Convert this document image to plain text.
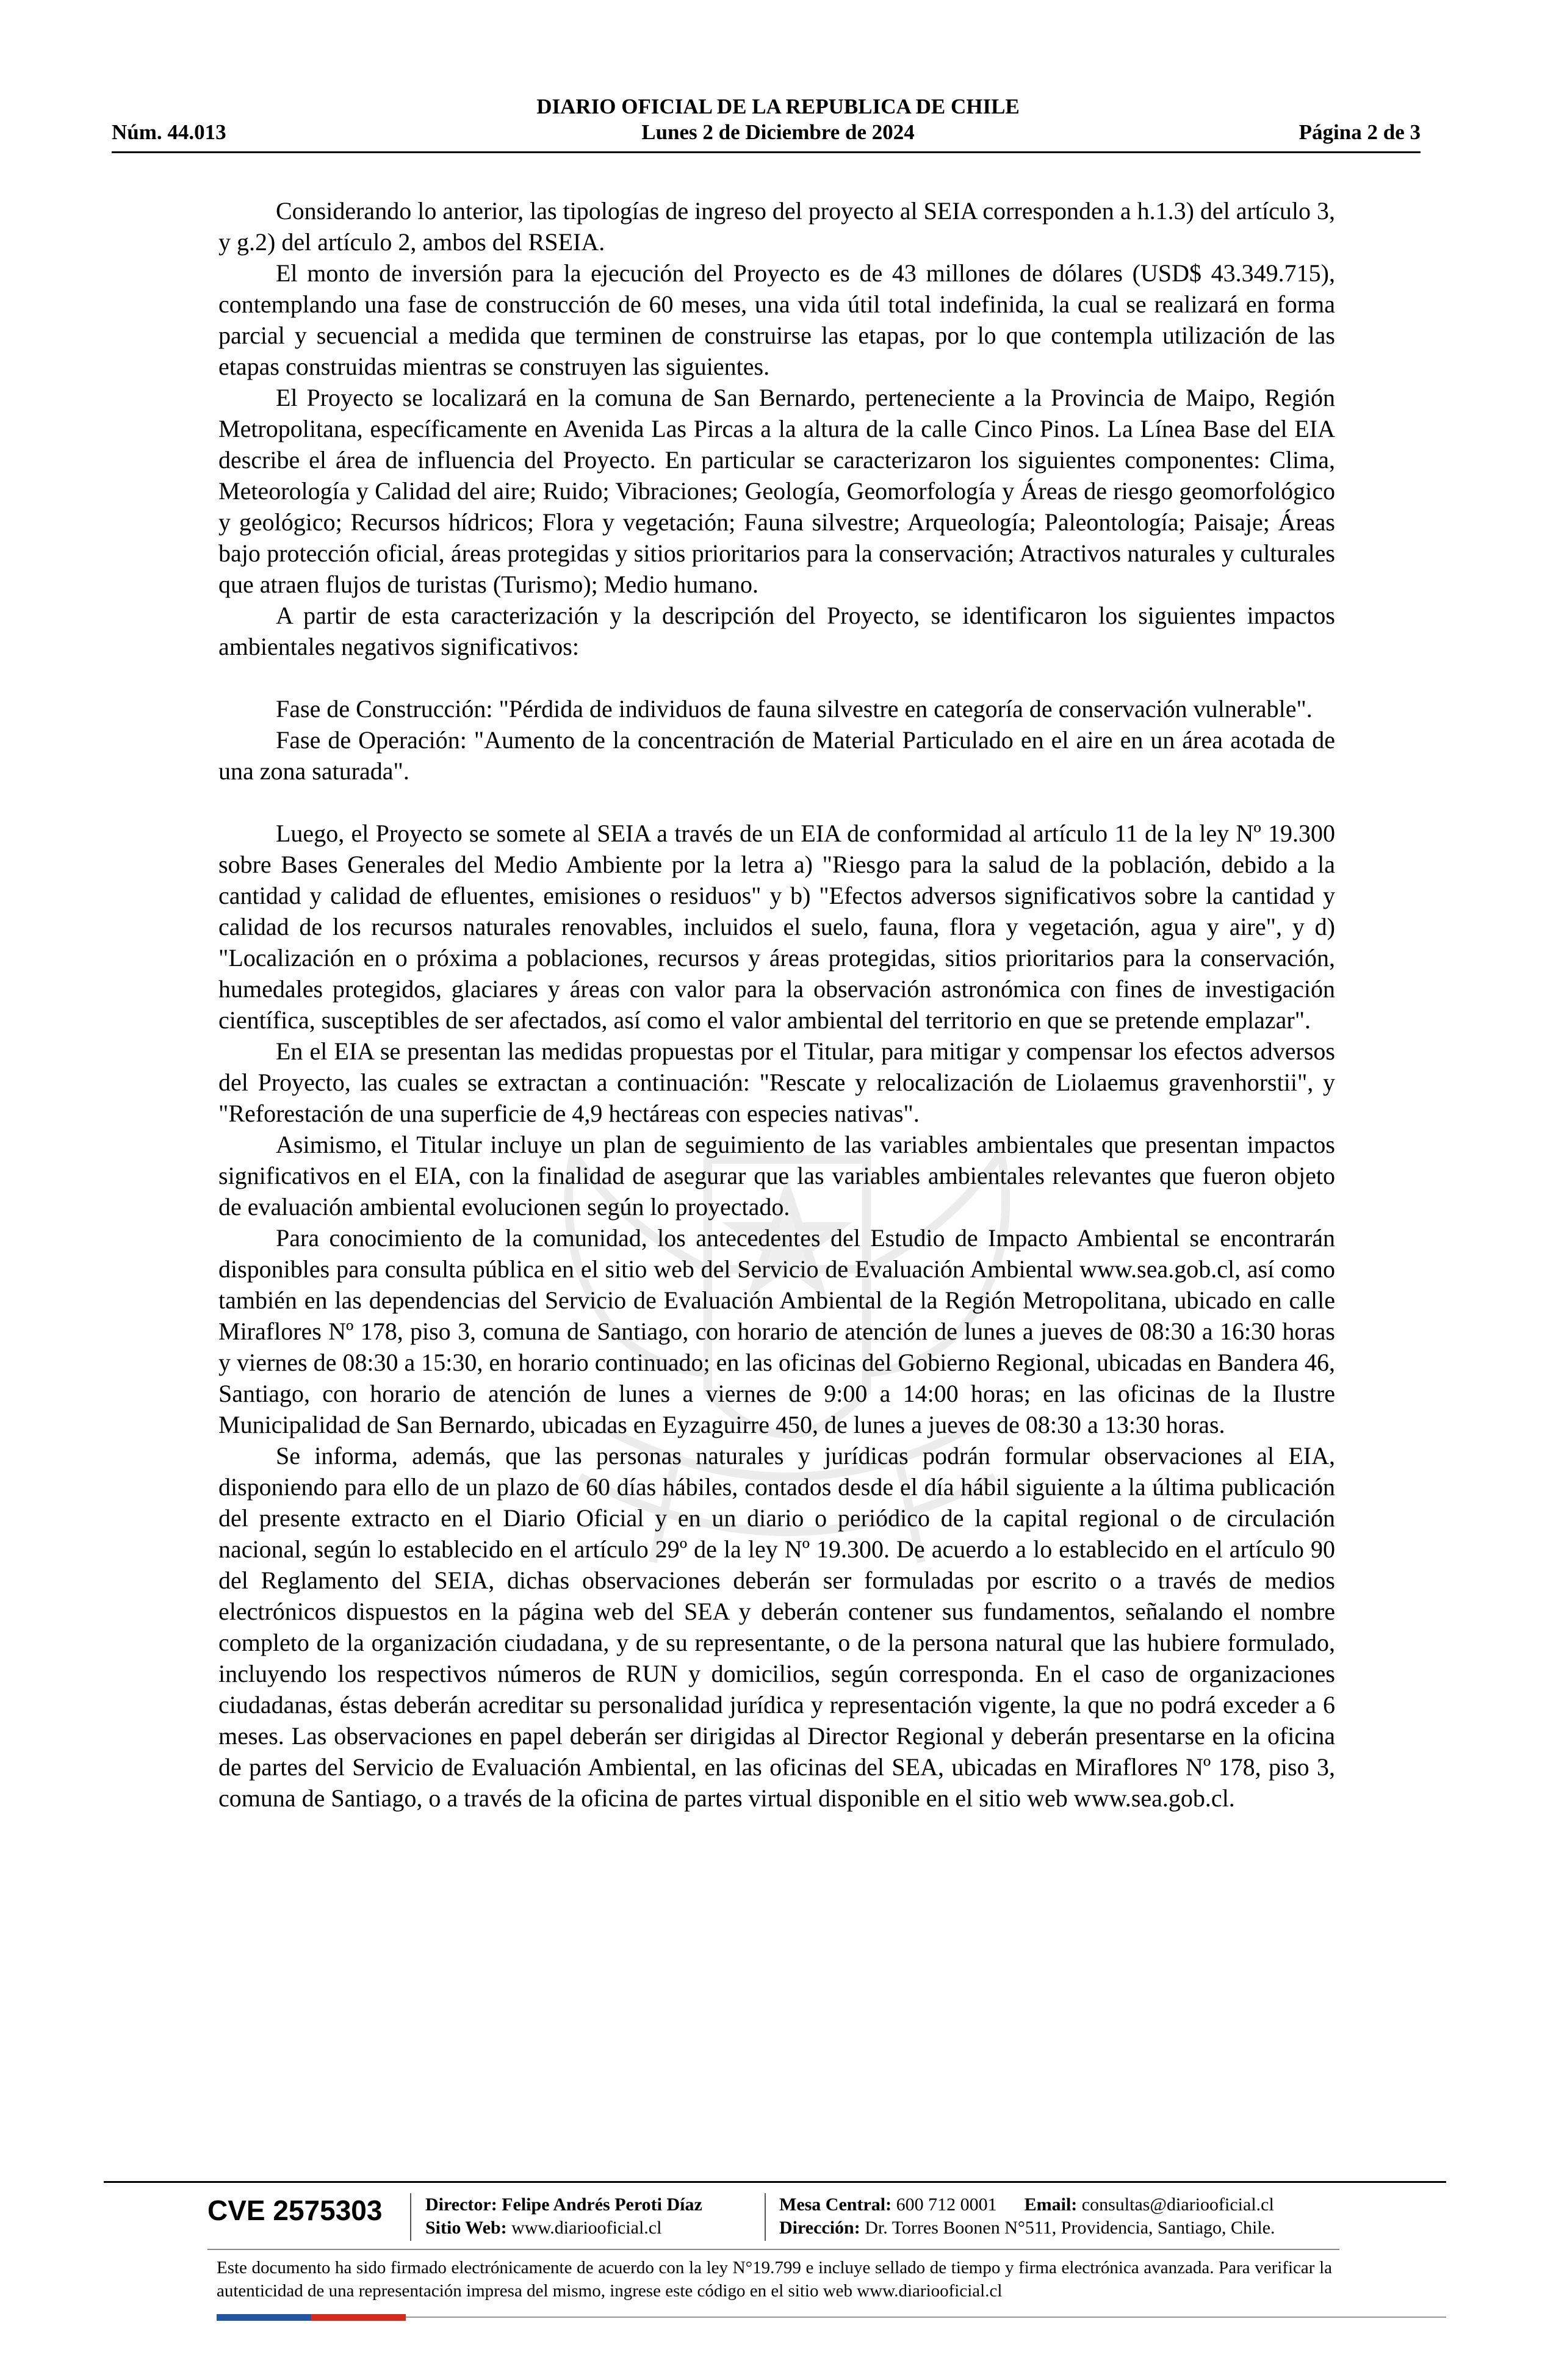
DIARIO OFICIAL DE LA REPUBLICA DE CHILE
Núm. 44.013	Lunes 2 de Diciembre de 2024	Página 2 de 3

Considerando lo anterior, las tipologías de ingreso del proyecto al SEIA corresponden a h.1.3) del artículo 3, y g.2) del artículo 2, ambos del RSEIA.

El monto de inversión para la ejecución del Proyecto es de 43 millones de dólares (USD$ 43.349.715), contemplando una fase de construcción de 60 meses, una vida útil total indefinida, la cual se realizará en forma parcial y secuencial a medida que terminen de construirse las etapas, por lo que contempla utilización de las etapas construidas mientras se construyen las siguientes.

El Proyecto se localizará en la comuna de San Bernardo, perteneciente a la Provincia de Maipo, Región Metropolitana, específicamente en Avenida Las Pircas a la altura de la calle Cinco Pinos. La Línea Base del EIA describe el área de influencia del Proyecto. En particular se caracterizaron los siguientes componentes: Clima, Meteorología y Calidad del aire; Ruido; Vibraciones; Geología, Geomorfología y Áreas de riesgo geomorfológico y geológico; Recursos hídricos; Flora y vegetación; Fauna silvestre; Arqueología; Paleontología; Paisaje; Áreas bajo protección oficial, áreas protegidas y sitios prioritarios para la conservación; Atractivos naturales y culturales que atraen flujos de turistas (Turismo); Medio humano.

A partir de esta caracterización y la descripción del Proyecto, se identificaron los siguientes impactos ambientales negativos significativos:

Fase de Construcción: "Pérdida de individuos de fauna silvestre en categoría de conservación vulnerable".

Fase de Operación: "Aumento de la concentración de Material Particulado en el aire en un área acotada de una zona saturada".

Luego, el Proyecto se somete al SEIA a través de un EIA de conformidad al artículo 11 de la ley Nº 19.300 sobre Bases Generales del Medio Ambiente por la letra a) "Riesgo para la salud de la población, debido a la cantidad y calidad de efluentes, emisiones o residuos" y b) "Efectos adversos significativos sobre la cantidad y calidad de los recursos naturales renovables, incluidos el suelo, fauna, flora y vegetación, agua y aire", y d) "Localización en o próxima a poblaciones, recursos y áreas protegidas, sitios prioritarios para la conservación, humedales protegidos, glaciares y áreas con valor para la observación astronómica con fines de investigación científica, susceptibles de ser afectados, así como el valor ambiental del territorio en que se pretende emplazar".

En el EIA se presentan las medidas propuestas por el Titular, para mitigar y compensar los efectos adversos del Proyecto, las cuales se extractan a continuación: "Rescate y relocalización de Liolaemus gravenhorstii", y "Reforestación de una superficie de 4,9 hectáreas con especies nativas".

Asimismo, el Titular incluye un plan de seguimiento de las variables ambientales que presentan impactos significativos en el EIA, con la finalidad de asegurar que las variables ambientales relevantes que fueron objeto de evaluación ambiental evolucionen según lo proyectado.

Para conocimiento de la comunidad, los antecedentes del Estudio de Impacto Ambiental se encontrarán disponibles para consulta pública en el sitio web del Servicio de Evaluación Ambiental www.sea.gob.cl, así como también en las dependencias del Servicio de Evaluación Ambiental de la Región Metropolitana, ubicado en calle Miraflores Nº 178, piso 3, comuna de Santiago, con horario de atención de lunes a jueves de 08:30 a 16:30 horas y viernes de 08:30 a 15:30, en horario continuado; en las oficinas del Gobierno Regional, ubicadas en Bandera 46, Santiago, con horario de atención de lunes a viernes de 9:00 a 14:00 horas; en las oficinas de la Ilustre Municipalidad de San Bernardo, ubicadas en Eyzaguirre 450, de lunes a jueves de 08:30 a 13:30 horas.

Se informa, además, que las personas naturales y jurídicas podrán formular observaciones al EIA, disponiendo para ello de un plazo de 60 días hábiles, contados desde el día hábil siguiente a la última publicación del presente extracto en el Diario Oficial y en un diario o periódico de la capital regional o de circulación nacional, según lo establecido en el artículo 29º de la ley Nº 19.300. De acuerdo a lo establecido en el artículo 90 del Reglamento del SEIA, dichas observaciones deberán ser formuladas por escrito o a través de medios electrónicos dispuestos en la página web del SEA y deberán contener sus fundamentos, señalando el nombre completo de la organización ciudadana, y de su representante, o de la persona natural que las hubiere formulado, incluyendo los respectivos números de RUN y domicilios, según corresponda. En el caso de organizaciones ciudadanas, éstas deberán acreditar su personalidad jurídica y representación vigente, la que no podrá exceder a 6 meses. Las observaciones en papel deberán ser dirigidas al Director Regional y deberán presentarse en la oficina de partes del Servicio de Evaluación Ambiental, en las oficinas del SEA, ubicadas en Miraflores Nº 178, piso 3, comuna de Santiago, o a través de la oficina de partes virtual disponible en el sitio web www.sea.gob.cl.

CVE 2575303 Director: Felipe Andrés Peroti Díaz
Sitio Web: www.diariooficial.cl
Mesa Central: 600 712 0001 Email: consultas@diariooficial.cl
Dirección: Dr. Torres Boonen N°511, Providencia, Santiago, Chile.
Este documento ha sido firmado electrónicamente de acuerdo con la ley N°19.799 e incluye sellado de tiempo y firma electrónica avanzada. Para verificar la autenticidad de una representación impresa del mismo, ingrese este código en el sitio web www.diariooficial.cl
